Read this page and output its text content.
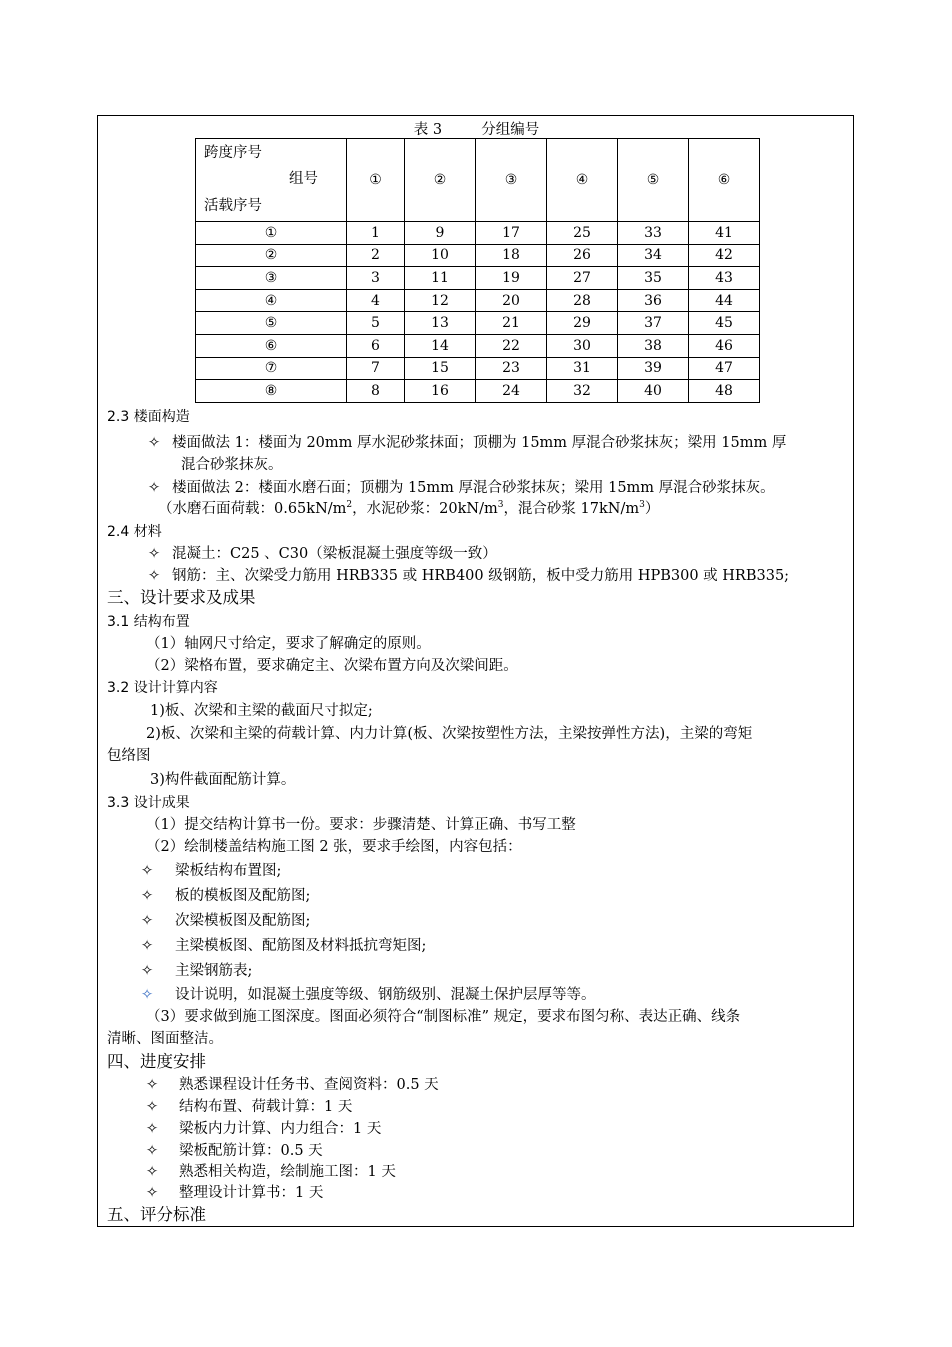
表 3	分组编号
跨度序号
组号
活载序号	①	②	③	④	⑤	⑥
①	1	9	17	25	33	41
②	2	10	18	26	34	42
③	3	11	19	27	35	43
④	4	12	20	28	36	44
⑤	5	13	21	29	37	45
⑥	6	14	22	30	38	46
⑦	7	15	23	31	39	47
⑧	8	16	24	32	40	48
2.3 楼面构造
✧ 楼面做法 1：楼面为 20mm 厚水泥砂浆抹面；顶棚为 15mm 厚混合砂浆抹灰；梁用 15mm 厚
混合砂浆抹灰。
✧ 楼面做法 2：楼面水磨石面；顶棚为 15mm 厚混合砂浆抹灰；梁用 15mm 厚混合砂浆抹灰。
（水磨石面荷载：$0.65kN/m^2$，水泥砂浆：$20kN/m^3$，混合砂浆 $17kN/m^3$）
2.4 材料
✧ 混凝土：C25 、C30（梁板混凝土强度等级一致）
✧ 钢筋：主、次梁受力筋用 HRB335 或 HRB400 级钢筋，板中受力筋用 HPB300 或 HRB335;
三、设计要求及成果
3.1 结构布置
（1）轴网尺寸给定，要求了解确定的原则。
（2）梁格布置，要求确定主、次梁布置方向及次梁间距。
3.2 设计计算内容
1)板、次梁和主梁的截面尺寸拟定;
2)板、次梁和主梁的荷载计算、内力计算(板、次梁按塑性方法，主梁按弹性方法)，主梁的弯矩
包络图
3)构件截面配筋计算。
3.3 设计成果
（1）提交结构计算书一份。要求：步骤清楚、计算正确、书写工整
（2）绘制楼盖结构施工图 2 张，要求手绘图，内容包括：
✧ 梁板结构布置图;
✧ 板的模板图及配筋图;
✧ 次梁模板图及配筋图;
✧ 主梁模板图、配筋图及材料抵抗弯矩图;
✧ 主梁钢筋表;
✧ 设计说明，如混凝土强度等级、钢筋级别、混凝土保护层厚等等。
（3）要求做到施工图深度。图面必须符合“制图标准” 规定，要求布图匀称、表达正确、线条
清晰、图面整洁。
四、进度安排
✧ 熟悉课程设计任务书、查阅资料：0.5 天
✧ 结构布置、荷载计算：1 天
✧ 梁板内力计算、内力组合：1 天
✧ 梁板配筋计算：0.5 天
✧ 熟悉相关构造，绘制施工图：1 天
✧ 整理设计计算书：1 天
五、评分标准
